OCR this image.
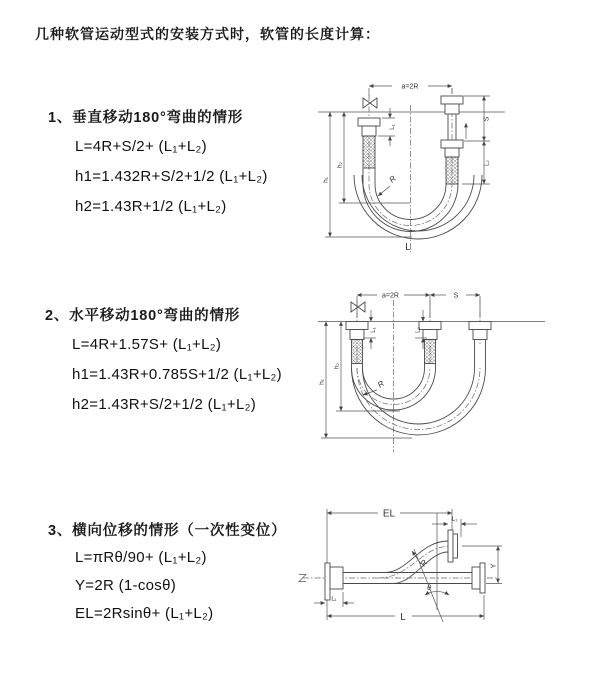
几种软管运动型式的安装方式时，软管的长度计算：
1、垂直移动180°弯曲的情形
L=4R+S/2+ (L₁+L₂)
h1=1.432R+S/2+1/2 (L₁+L₂)
h2=1.43R+1/2 (L₁+L₂)
2、水平移动180°弯曲的情形
L=4R+1.57S+ (L₁+L₂)
h1=1.43R+0.785S+1/2 (L₁+L₂)
h2=1.43R+S/2+1/2 (L₁+L₂)
3、横向位移的情形（一次性变位）
L=πRθ/90+ (L₁+L₂)
Y=2R (1-cosθ)
EL=2Rsinθ+ (L₁+L₂)
a=2R
h₁
h₂
L₁
S
L₂
R
L
a=2R	S
h₁
h₂
L₁	L₂
R
EL
L₁
Y
θ
R
L
L₁
